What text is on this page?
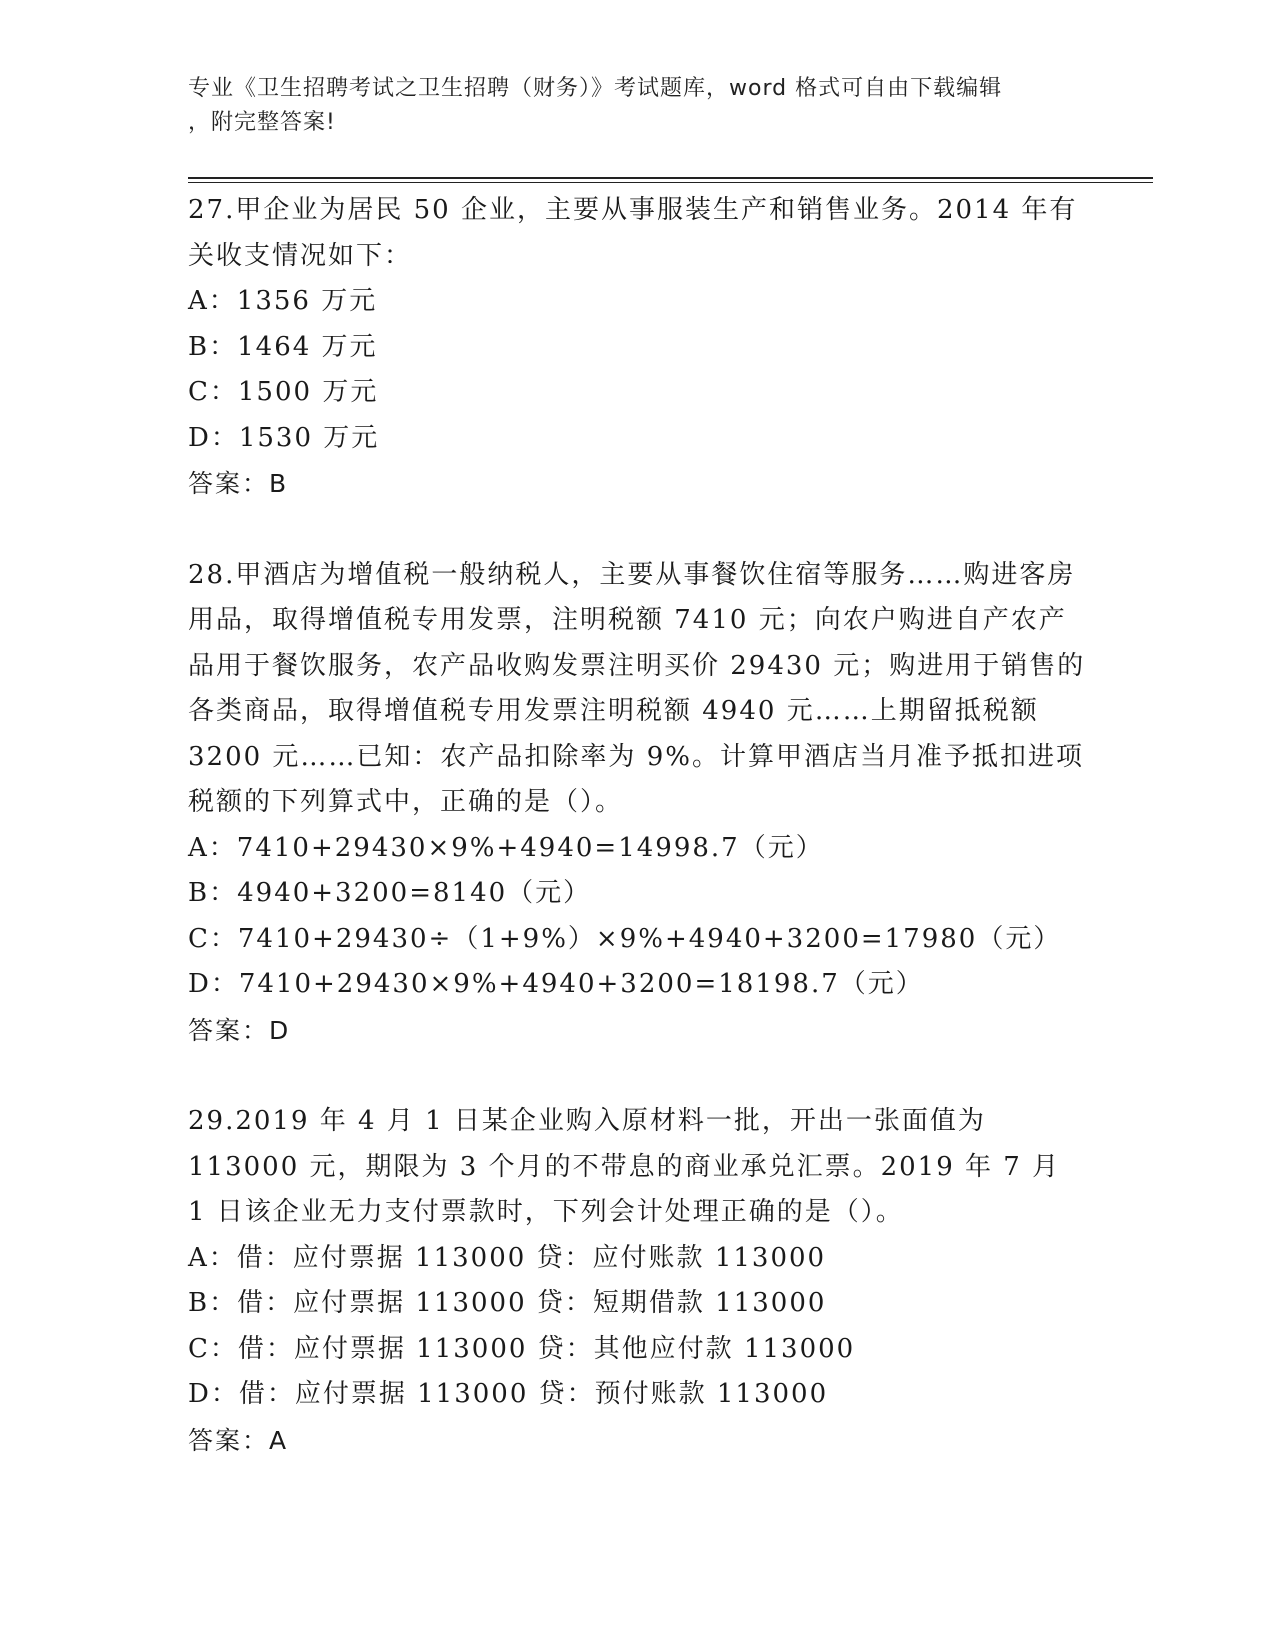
专业《卫生招聘考试之卫生招聘（财务）》考试题库，word 格式可自由下载编辑
，附完整答案!

27.甲企业为居民 50 企业，主要从事服装生产和销售业务。2014 年有关收支情况如下：

A：1356 万元

B：1464 万元

C：1500 万元

D：1530 万元

答案：B

28.甲酒店为增值税一般纳税人，主要从事餐饮住宿等服务……购进客房用品，取得增值税专用发票，注明税额 7410 元；向农户购进自产农产品用于餐饮服务，农产品收购发票注明买价 29430 元；购进用于销售的各类商品，取得增值税专用发票注明税额 4940 元……上期留抵税额 3200 元……已知：农产品扣除率为 9%。计算甲酒店当月准予抵扣进项税额的下列算式中，正确的是（）。

A：7410+29430×9%+4940=14998.7（元）

B：4940+3200=8140（元）

C：7410+29430÷（1+9%）×9%+4940+3200=17980（元）

D：7410+29430×9%+4940+3200=18198.7（元）

答案：D

29.2019 年 4 月 1 日某企业购入原材料一批，开出一张面值为 113000 元，期限为 3 个月的不带息的商业承兑汇票。2019 年 7 月 1 日该企业无力支付票款时，下列会计处理正确的是（）。

A：借：应付票据 113000 贷：应付账款 113000

B：借：应付票据 113000 贷：短期借款 113000

C：借：应付票据 113000 贷：其他应付款 113000

D：借：应付票据 113000 贷：预付账款 113000

答案：A
